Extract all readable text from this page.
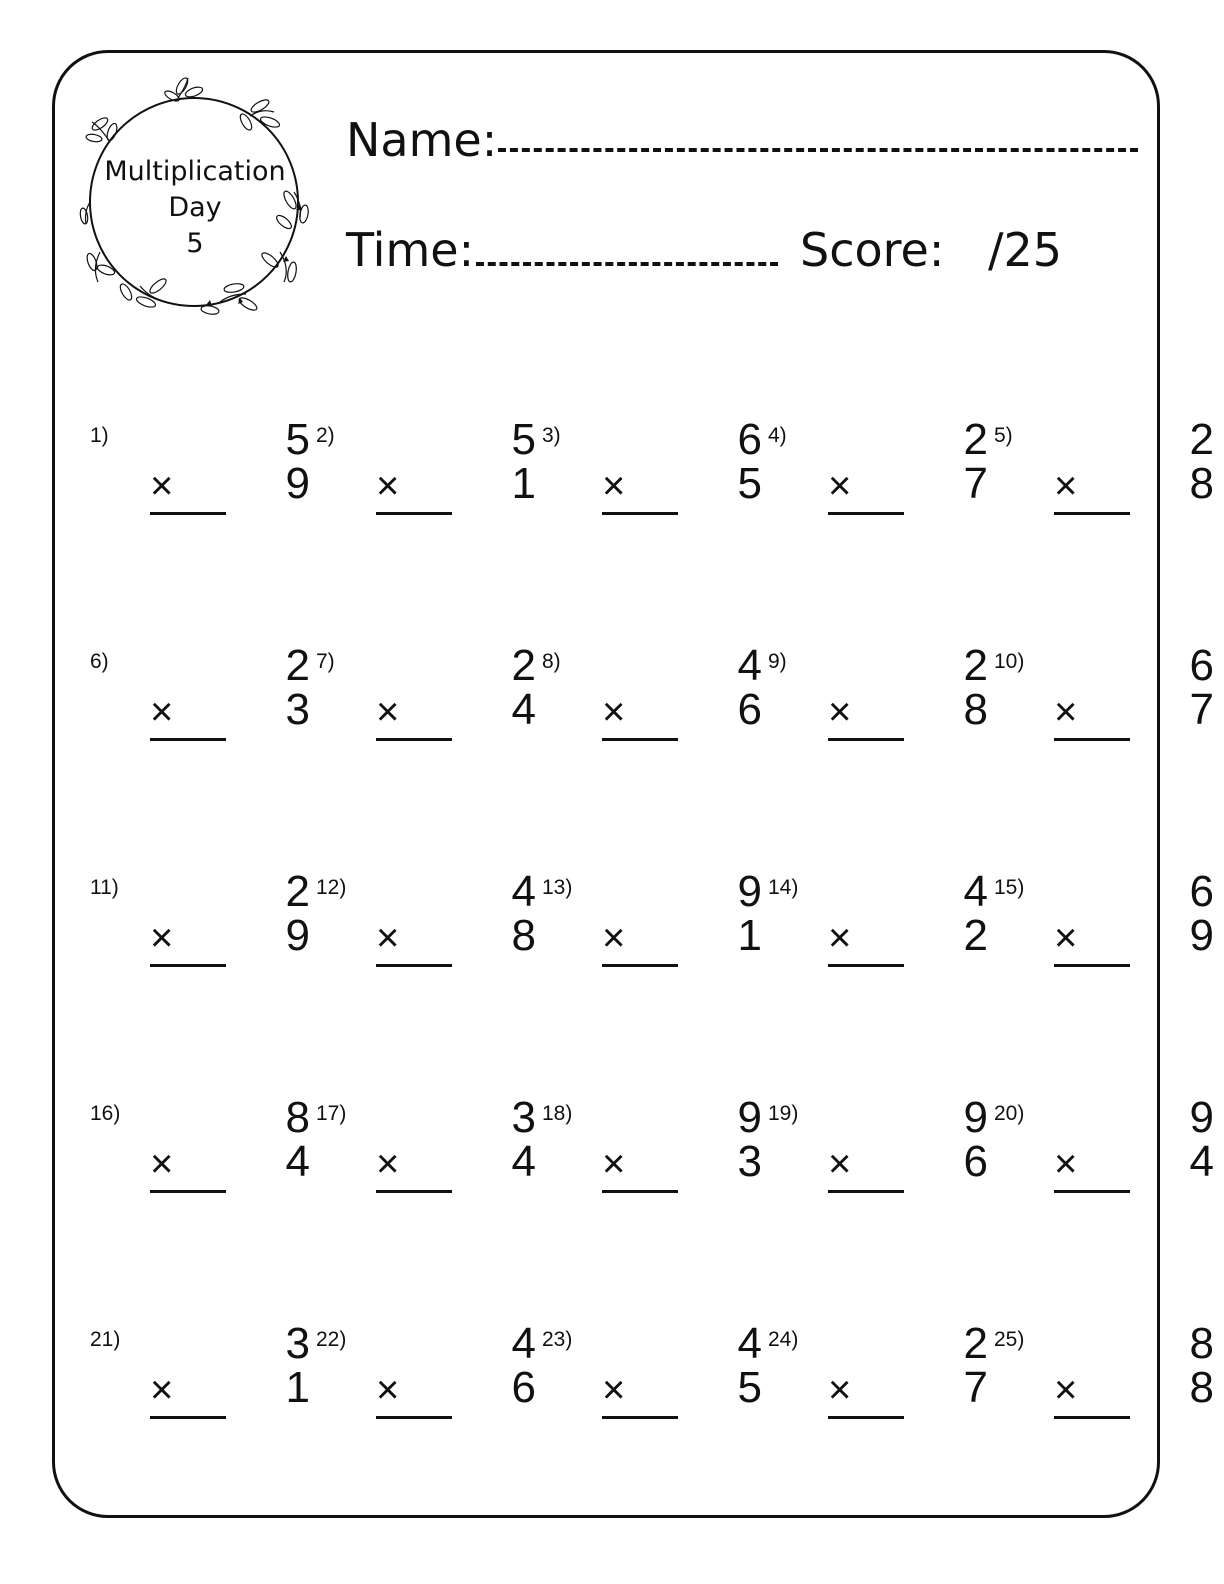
Multiplication
Day
5
Name:
Time:	Score: /25
1)	5
×	9
2)	5
×	1
3)	6
×	5
4)	2
×	7
5)	2
×	8
6)	2
×	3
7)	2
×	4
8)	4
×	6
9)	2
×	8
10)	6
×	7
11)	2
×	9
12)	4
×	8
13)	9
×	1
14)	4
×	2
15)	6
×	9
16)	8
×	4
17)	3
×	4
18)	9
×	3
19)	9
×	6
20)	9
×	4
21)	3
×	1
22)	4
×	6
23)	4
×	5
24)	2
×	7
25)	8
×	8
